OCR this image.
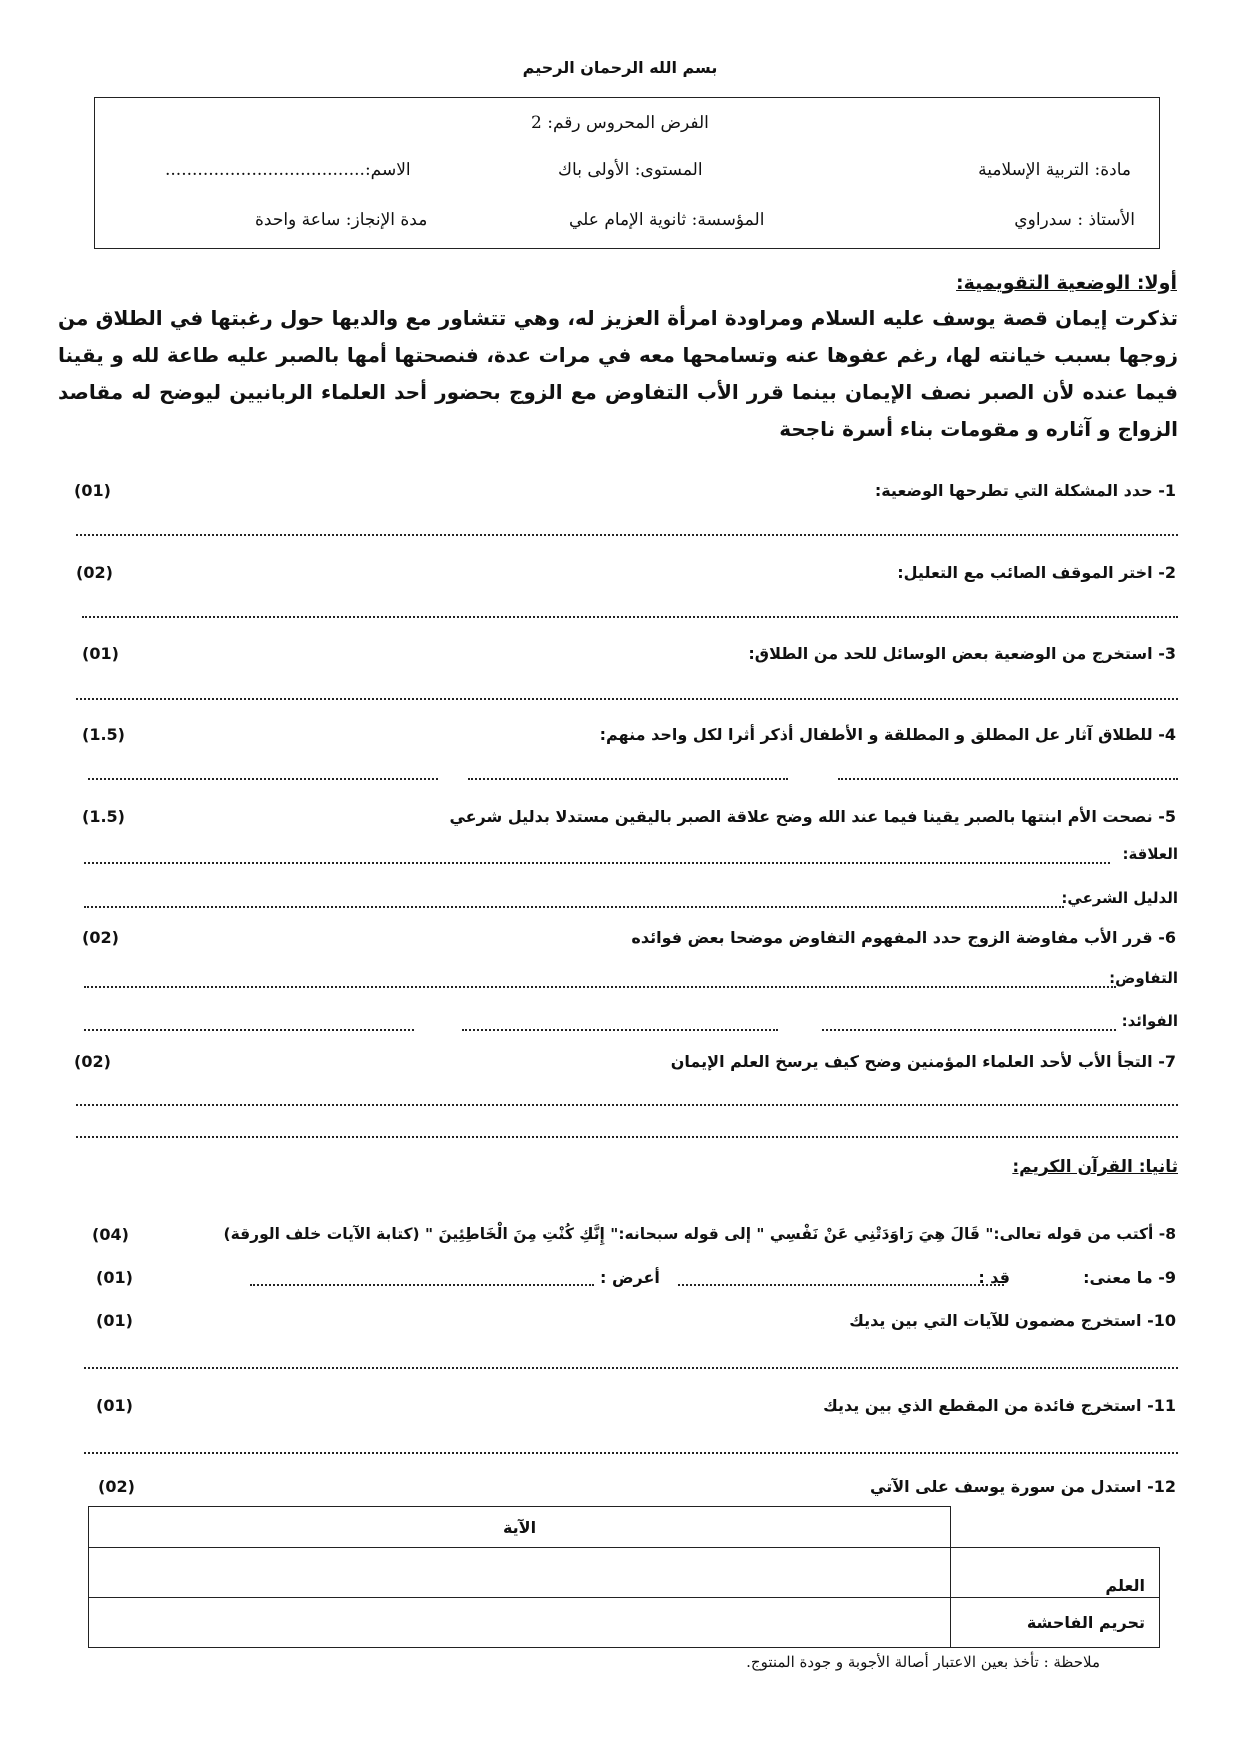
بسم الله الرحمان الرحيم
الفرض المحروس رقم: 2
مادة: التربية الإسلامية
المستوى: الأولى باك
الاسم:.....................................
الأستاذ : سدراوي
المؤسسة: ثانوية الإمام علي
مدة الإنجاز: ساعة واحدة
أولا: الوضعية التقويمية:
تذكرت إيمان قصة يوسف عليه السلام ومراودة امرأة العزيز له، وهي تتشاور مع والديها حول رغبتها في الطلاق من زوجها بسبب خيانته لها، رغم عفوها عنه وتسامحها معه في مرات عدة، فنصحتها أمها بالصبر عليه طاعة لله و يقينا فيما عنده لأن الصبر نصف الإيمان بينما قرر الأب التفاوض مع الزوج بحضور أحد العلماء الربانيين ليوضح له مقاصد الزواج و آثاره و مقومات بناء أسرة ناجحة
1- حدد المشكلة التي تطرحها الوضعية:
(01)
2- اختر الموقف الصائب مع التعليل:
(02)
3- استخرج من الوضعية بعض الوسائل للحد من الطلاق:
(01)
4- للطلاق آثار عل المطلق و المطلقة و الأطفال أذكر أثرا لكل واحد منهم:
(1.5)
5- نصحت الأم ابنتها بالصبر يقينا فيما عند الله وضح علاقة الصبر باليقين مستدلا بدليل شرعي
(1.5)
العلاقة:
الدليل الشرعي:
6- قرر الأب مفاوضة الزوج حدد المفهوم التفاوض موضحا بعض فوائده
(02)
التفاوض:
الفوائد:
7- التجأ الأب لأحد العلماء المؤمنين وضح كيف يرسخ العلم الإيمان
(02)
ثانيا: القرآن الكريم:
8- أكتب من قوله تعالى:" قَالَ هِيَ رَاوَدَتْنِي عَنْ نَفْسِي " إلى قوله سبحانه:" إِنَّكِ كُنْتِ مِنَ الْخَاطِئِينَ " (كتابة الآيات خلف الورقة)
(04)
9- ما معنى:
قد :
أعرض :
(01)
10- استخرج مضمون للآيات التي بين يديك
(01)
11- استخرج فائدة من المقطع الذي بين يديك
(01)
12- استدل من سورة يوسف على الآتي
(02)
	الآية
العلم	
تحريم الفاحشة	
ملاحظة : تأخذ بعين الاعتبار أصالة الأجوبة و جودة المنتوج.
